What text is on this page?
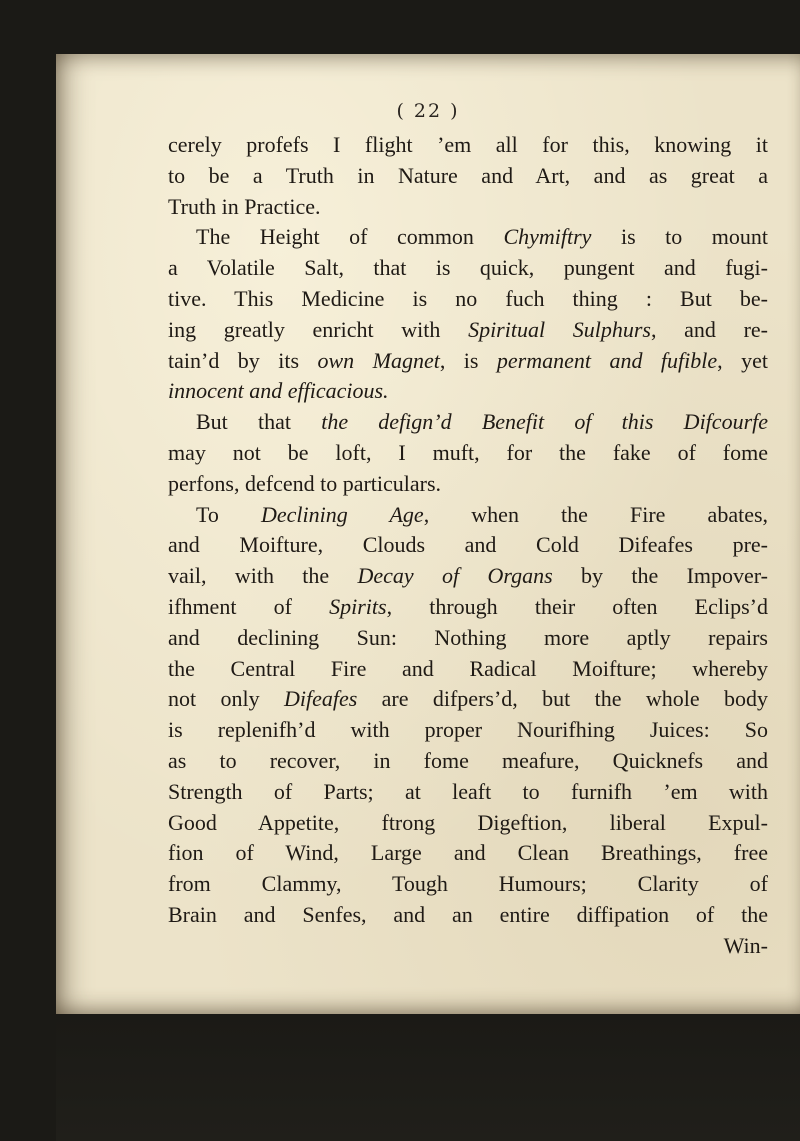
( 22 )
cerely profefs I flight ’em all for this, knowing it
to be a Truth in Nature and Art, and as great a
Truth in Practice.
The Height of common Chymiftry is to mount
a Volatile Salt, that is quick, pungent and fugi-
tive. This Medicine is no fuch thing : But be-
ing greatly enricht with Spiritual Sulphurs, and re-
tain’d by its own Magnet, is permanent and fufible, yet
innocent and efficacious.
But that the defign’d Benefit of this Difcourfe
may not be loft, I muft, for the fake of fome
perfons, defcend to particulars.
To Declining Age, when the Fire abates,
and Moifture, Clouds and Cold Difeafes pre-
vail, with the Decay of Organs by the Impover-
ifhment of Spirits, through their often Eclips’d
and declining Sun: Nothing more aptly repairs
the Central Fire and Radical Moifture; whereby
not only Difeafes are difpers’d, but the whole body
is replenifh’d with proper Nourifhing Juices: So
as to recover, in fome meafure, Quicknefs and
Strength of Parts; at leaft to furnifh ’em with
Good Appetite, ftrong Digeftion, liberal Expul-
fion of Wind, Large and Clean Breathings, free
from Clammy, Tough Humours; Clarity of
Brain and Senfes, and an entire diffipation of the
Win-
